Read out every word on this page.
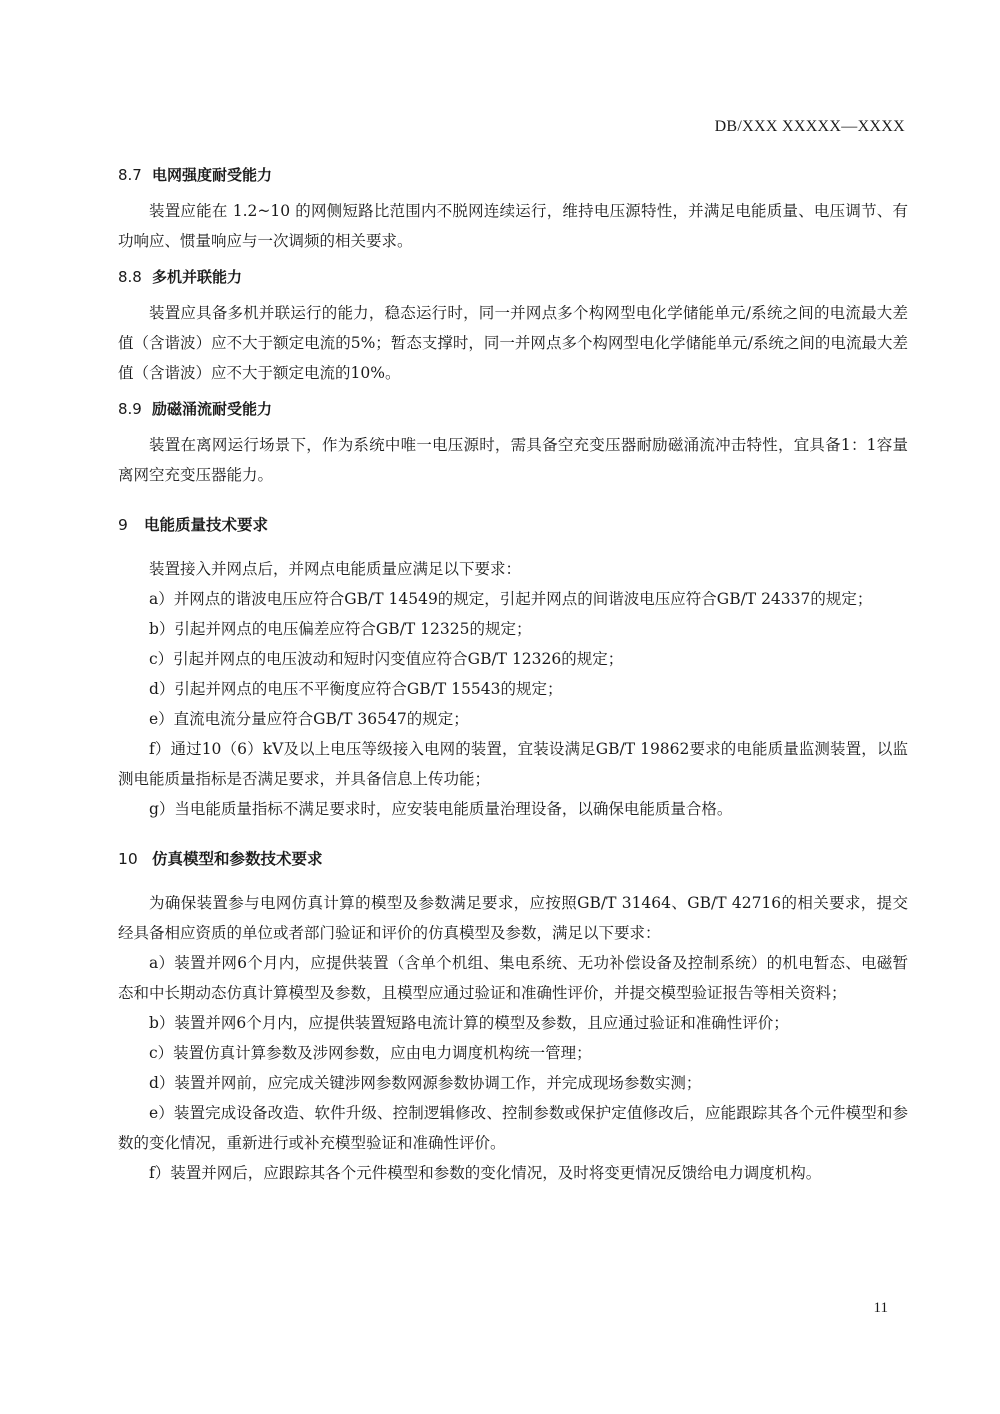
DB/XXX XXXXX—XXXX
8.7 电网强度耐受能力
装置应能在 1.2~10 的网侧短路比范围内不脱网连续运行，维持电压源特性，并满足电能质量、电压调节、有功响应、惯量响应与一次调频的相关要求。
8.8 多机并联能力
装置应具备多机并联运行的能力，稳态运行时，同一并网点多个构网型电化学储能单元/系统之间的电流最大差值（含谐波）应不大于额定电流的5%；暂态支撑时，同一并网点多个构网型电化学储能单元/系统之间的电流最大差值（含谐波）应不大于额定电流的10%。
8.9 励磁涌流耐受能力
装置在离网运行场景下，作为系统中唯一电压源时，需具备空充变压器耐励磁涌流冲击特性，宜具备1：1容量离网空充变压器能力。
9 电能质量技术要求
装置接入并网点后，并网点电能质量应满足以下要求：
a）并网点的谐波电压应符合GB/T 14549的规定，引起并网点的间谐波电压应符合GB/T 24337的规定；
b）引起并网点的电压偏差应符合GB/T 12325的规定；
c）引起并网点的电压波动和短时闪变值应符合GB/T 12326的规定；
d）引起并网点的电压不平衡度应符合GB/T 15543的规定；
e）直流电流分量应符合GB/T 36547的规定；
f）通过10（6）kV及以上电压等级接入电网的装置，宜装设满足GB/T 19862要求的电能质量监测装置，以监测电能质量指标是否满足要求，并具备信息上传功能；
g）当电能质量指标不满足要求时，应安装电能质量治理设备，以确保电能质量合格。
10 仿真模型和参数技术要求
为确保装置参与电网仿真计算的模型及参数满足要求，应按照GB/T 31464、GB/T 42716的相关要求，提交经具备相应资质的单位或者部门验证和评价的仿真模型及参数，满足以下要求：
a）装置并网6个月内，应提供装置（含单个机组、集电系统、无功补偿设备及控制系统）的机电暂态、电磁暂态和中长期动态仿真计算模型及参数，且模型应通过验证和准确性评价，并提交模型验证报告等相关资料；
b）装置并网6个月内，应提供装置短路电流计算的模型及参数，且应通过验证和准确性评价；
c）装置仿真计算参数及涉网参数，应由电力调度机构统一管理；
d）装置并网前，应完成关键涉网参数网源参数协调工作，并完成现场参数实测；
e）装置完成设备改造、软件升级、控制逻辑修改、控制参数或保护定值修改后，应能跟踪其各个元件模型和参数的变化情况，重新进行或补充模型验证和准确性评价。
f）装置并网后，应跟踪其各个元件模型和参数的变化情况，及时将变更情况反馈给电力调度机构。
11
